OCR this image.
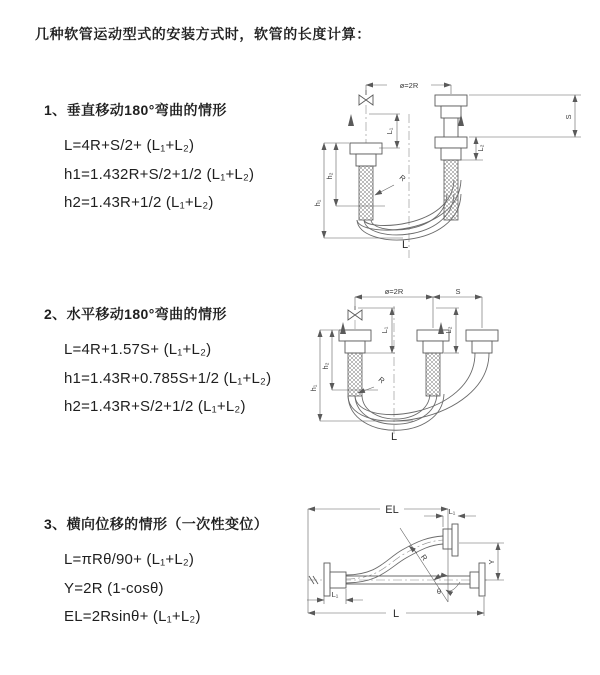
几种软管运动型式的安装方式时，软管的长度计算：
1、垂直移动180°弯曲的情形
L=4R+S/2+ (L₁+L₂)
h1=1.432R+S/2+1/2 (L₁+L₂)
h2=1.43R+1/2 (L₁+L₂)
2、水平移动180°弯曲的情形
L=4R+1.57S+ (L₁+L₂)
h1=1.43R+0.785S+1/2 (L₁+L₂)
h2=1.43R+S/2+1/2 (L₁+L₂)
3、横向位移的情形（一次性变位）
L=πRθ/90+ (L₁+L₂)
Y=2R (1-cosθ)
EL=2Rsinθ+ (L₁+L₂)
ø=2R
h₁
h₂
L₁
S
L₂
R
L
ø=2R	S
h₁
h₂
L₁	L₂
R
L
EL	L₁
Y
θ
R
L
L₁
